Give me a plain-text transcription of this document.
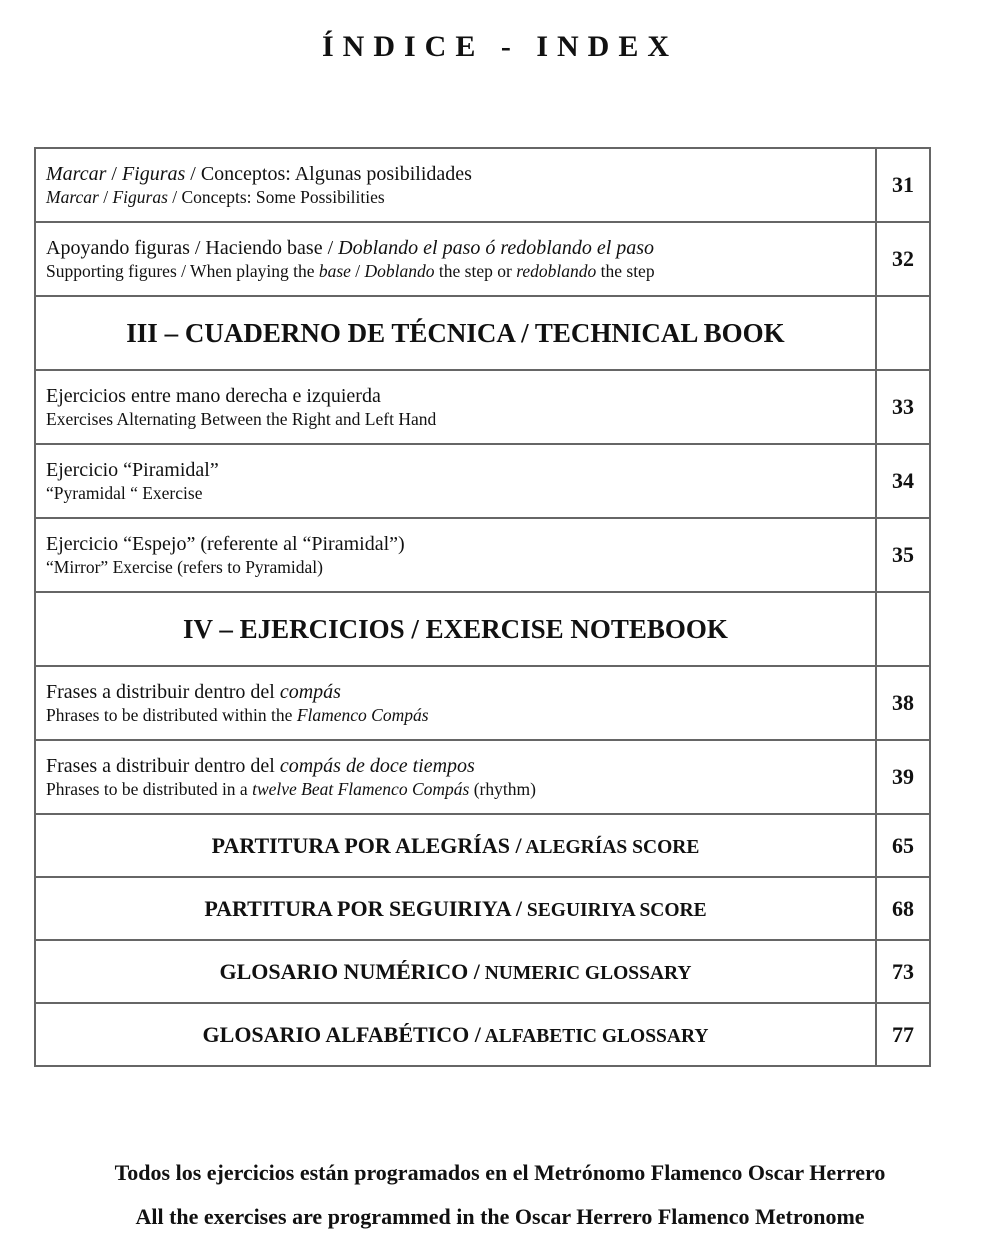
ÍNDICE - INDEX
Marcar / Figuras / Conceptos: Algunas posibilidades
Marcar / Figuras / Concepts: Some Possibilities	31

Apoyando figuras / Haciendo base / Doblando el paso ó redoblando el paso
Supporting figures / When playing the base / Doblando the step or redoblando the step	32
III – CUADERNO DE TÉCNICA / TECHNICAL BOOK	

Ejercicios entre mano derecha e izquierda
Exercises Alternating Between the Right and Left Hand	33

Ejercicio “Piramidal”
“Pyramidal “ Exercise	34

Ejercicio “Espejo” (referente al “Piramidal”)
“Mirror” Exercise (refers to Pyramidal)	35
IV – EJERCICIOS / EXERCISE NOTEBOOK	

Frases a distribuir dentro del compás
Phrases to be distributed within the Flamenco Compás	38

Frases a distribuir dentro del compás de doce tiempos
Phrases to be distributed in a twelve Beat Flamenco Compás (rhythm)	39
PARTITURA POR ALEGRÍAS / ALEGRÍAS SCORE	65
PARTITURA POR SEGUIRIYA / SEGUIRIYA SCORE	68
GLOSARIO NUMÉRICO / NUMERIC GLOSSARY	73
GLOSARIO ALFABÉTICO / ALFABETIC GLOSSARY	77

Todos los ejercicios están programados en el Metrónomo Flamenco Oscar Herrero

All the exercises are programmed in the Oscar Herrero Flamenco Metronome
